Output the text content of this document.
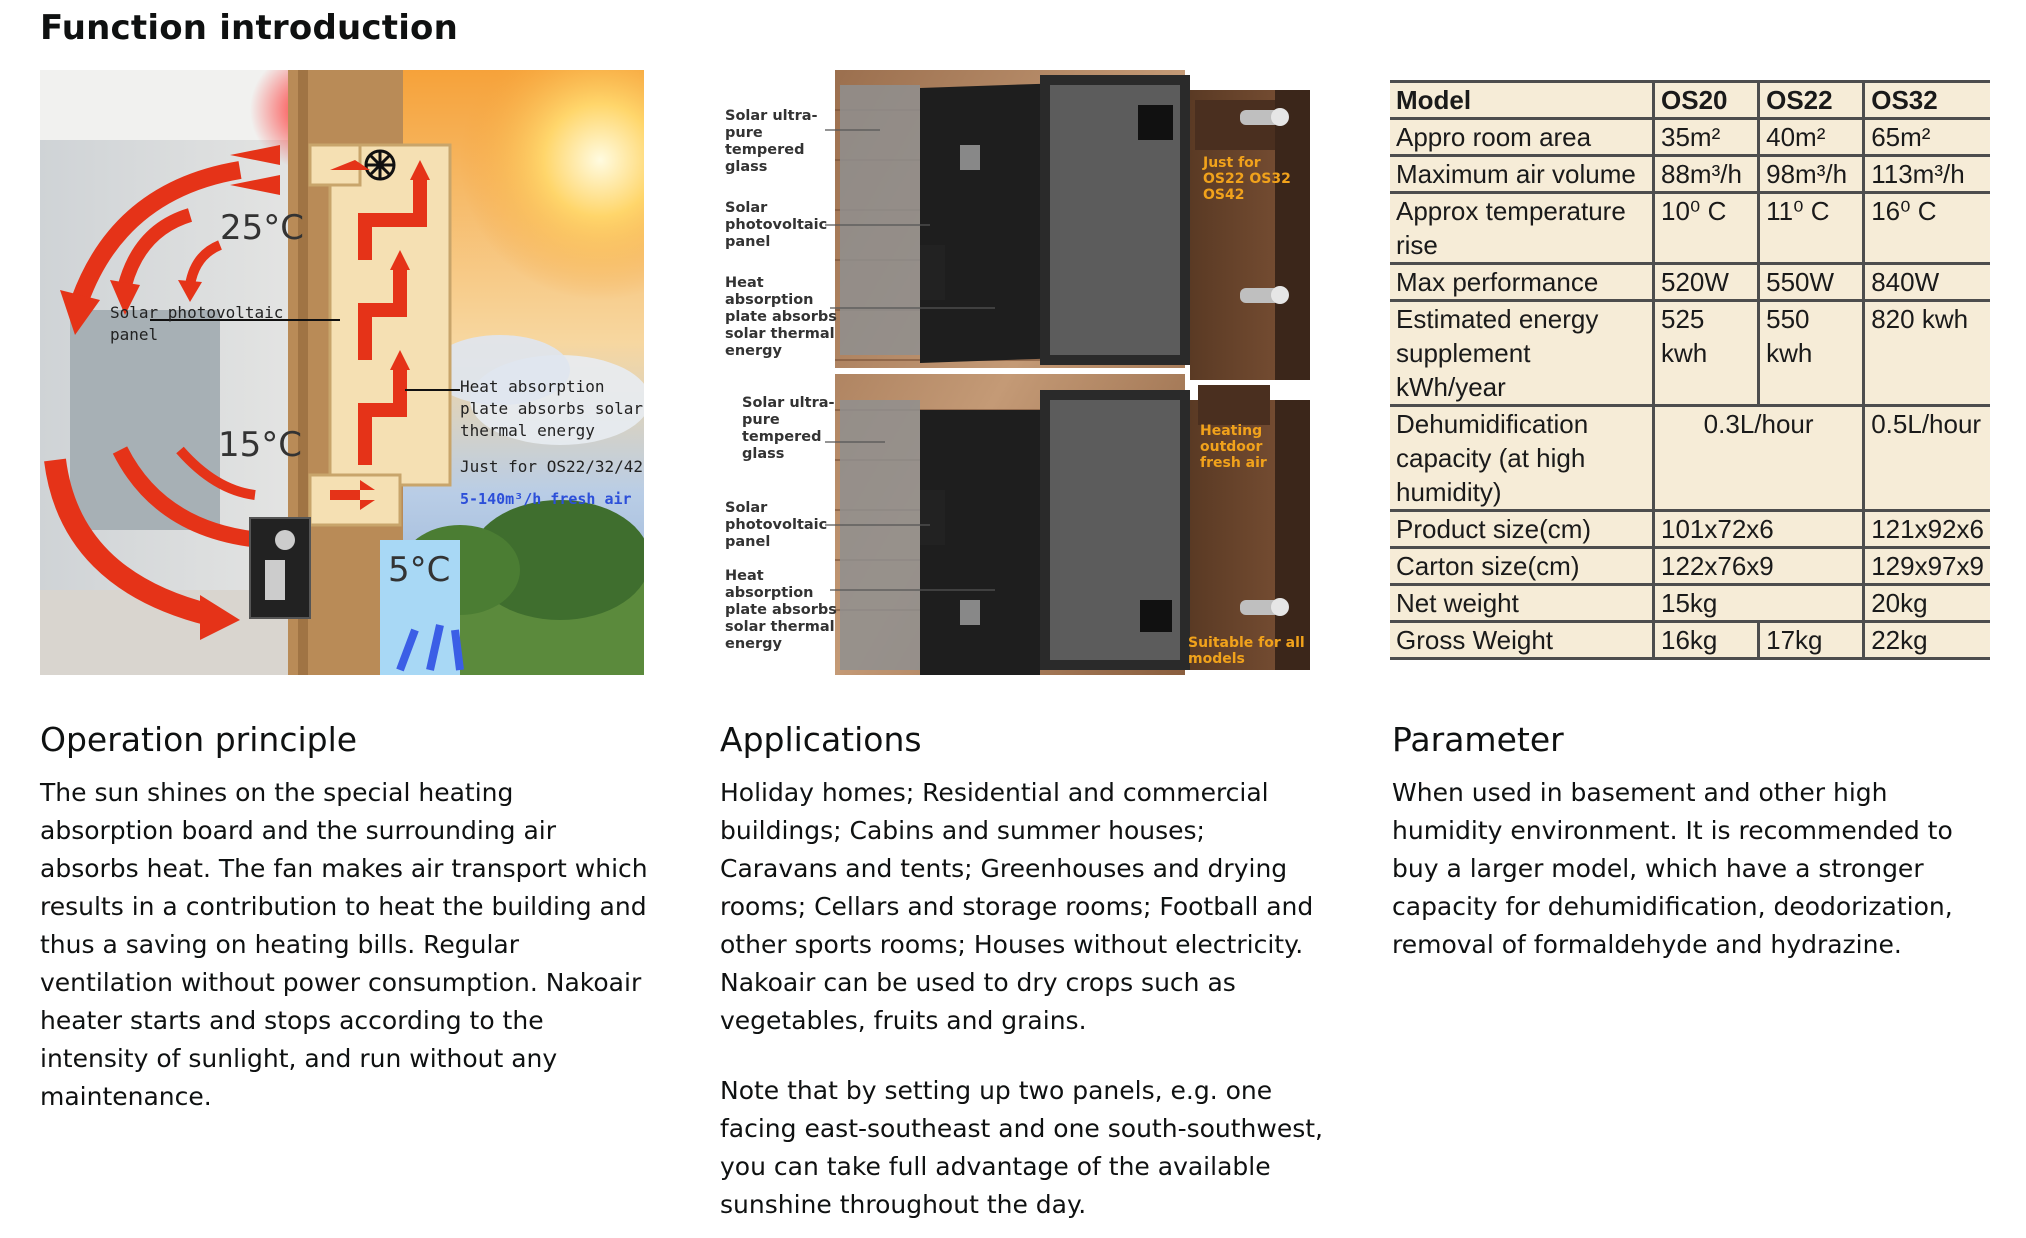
Function introduction
25°C
15°C
5°C
Solar photovoltaic panel
Heat absorption plate absorbs solar thermal energy
Just for OS22/32/42
5-140m³/h fresh air
Operation principle
The sun shines on the special heating absorption board and the surrounding air absorbs heat. The fan makes air transport which results in a contribution to heat the building and thus a saving on heating bills. Regular ventilation without power consumption. Nakoair heater starts and stops according to the intensity of sunlight, and run without any maintenance.
Solar ultra-pure tempered glass
Solar photovoltaic panel
Heat absorption plate absorbs solar thermal energy
Solar ultra-pure tempered glass
Solar photovoltaic panel
Heat absorption plate absorbs solar thermal energy
Just for OS22 OS32 OS42
Heating outdoor fresh air
Suitable for all models
Applications
Holiday homes; Residential and commercial buildings; Cabins and summer houses; Caravans and tents; Greenhouses and drying rooms; Cellars and storage rooms; Football and other sports rooms; Houses without electricity. Nakoair can be used to dry crops such as vegetables, fruits and grains.
Note that by setting up two panels, e.g. one facing east-southeast and one south-southwest, you can take full advantage of the available sunshine throughout the day.
Model	OS20	OS22	OS32
Appro room area	35m²	40m²	65m²
Maximum air volume	88m³/h	98m³/h	113m³/h
Approx temperature rise	10⁰ C	11⁰ C	16⁰ C
Max performance	520W	550W	840W
Estimated energy supplement kWh/year	525 kwh	550 kwh	820 kwh
Dehumidification capacity (at high humidity)	0.3L/hour		0.5L/hour
Product size(cm)	101x72x6		121x92x6
Carton size(cm)	122x76x9		129x97x9
Net weight	15kg		20kg
Gross Weight	16kg	17kg	22kg
Parameter
When used in basement and other high humidity environment. It is recommended to buy a larger model, which have a stronger capacity for dehumidification, deodorization, removal of formaldehyde and hydrazine.
